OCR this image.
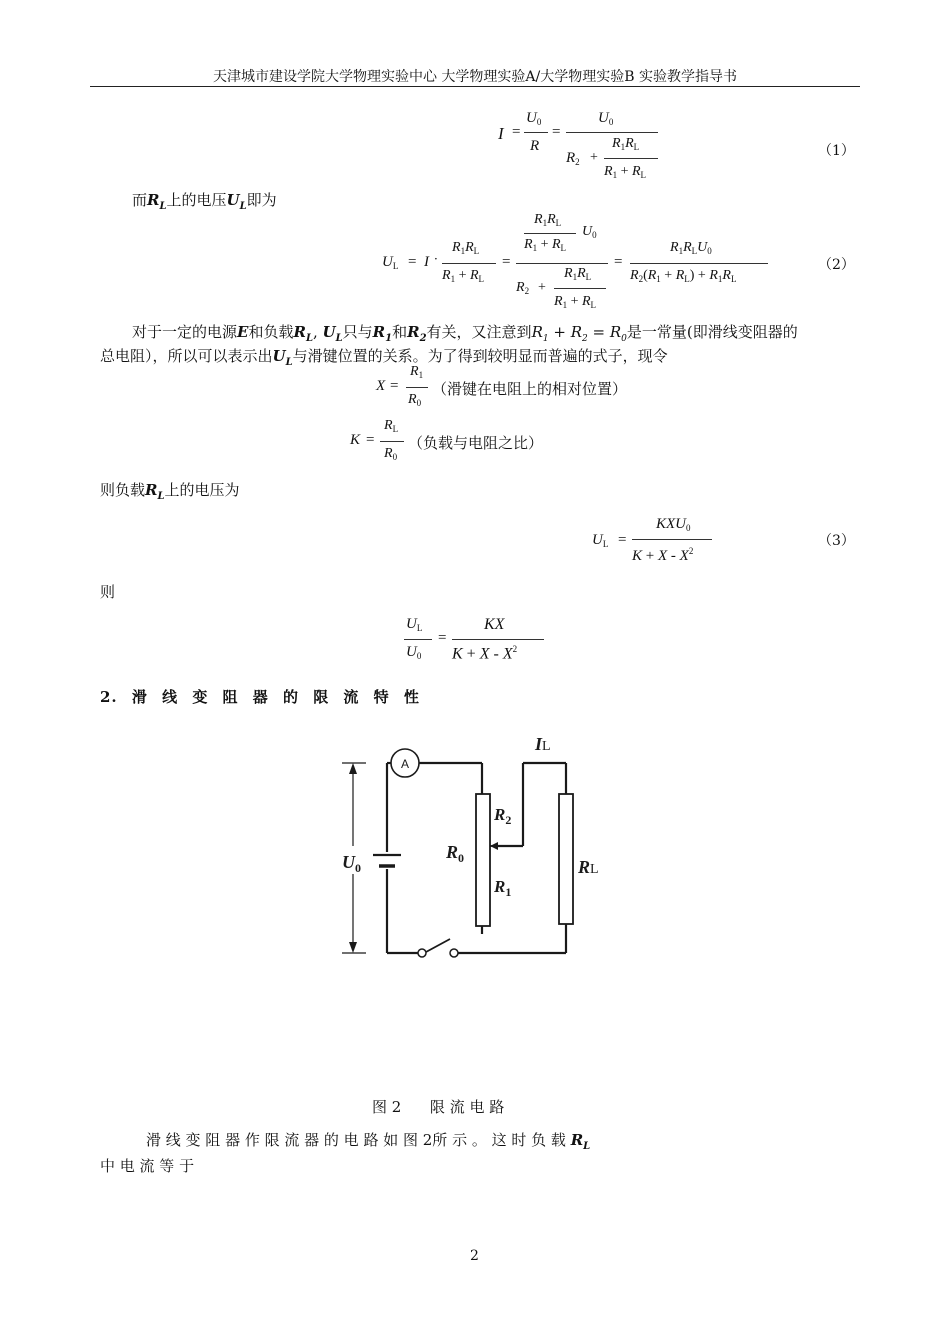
天津城市建设学院大学物理实验中心 大学物理实验A/大学物理实验B 实验教学指导书
I =
$U_0$
R
=
$U_0$
$R_2$ +
$R_1R_L$
$R_1 + R_L$
（1）
而$R_L$上的电压$U_L$即为
$U_L = I$ ·
$R_1R_L$
$R_1 + R_L$
=
$R_1R_L$
$R_1 + R_L$
$U_0$
$R_2$ +
$R_1R_L$
$R_1 + R_L$
=
$R_1R_LU_0$
$R_2(R_1 + R_L) + R_1R_L$
（2）
对于一定的电源E和负载$R_L$, $U_L$只与$R_1$和$R_2$有关，又注意到$R_1 + R_2 = R_0$是一常量(即滑线变阻器的
总电阻），所以可以表示出$U_L$与滑键位置的关系。为了得到较明显而普遍的式子，现令
X =
$R_1$
$R_0$
（滑键在电阻上的相对位置）
K =
$R_L$
$R_0$
（负载与电阻之比）
则负载$R_L$上的电压为
$U_L$ =
$KXU_0$
$K + X - X^2$
（3）
则
$U_L$
$U_0$
=
KX
$K + X - X^2$
2. 滑 线 变 阻 器 的 限 流 特 性
A
$U_0$
$R_0$
$R_2$
$R_1$
RL
IL
图 2      限 流 电 路
滑 线 变 阻 器 作 限 流 器 的 电 路 如 图 2所 示 。 这 时 负 载 $R_L$
中 电 流 等 于
2
